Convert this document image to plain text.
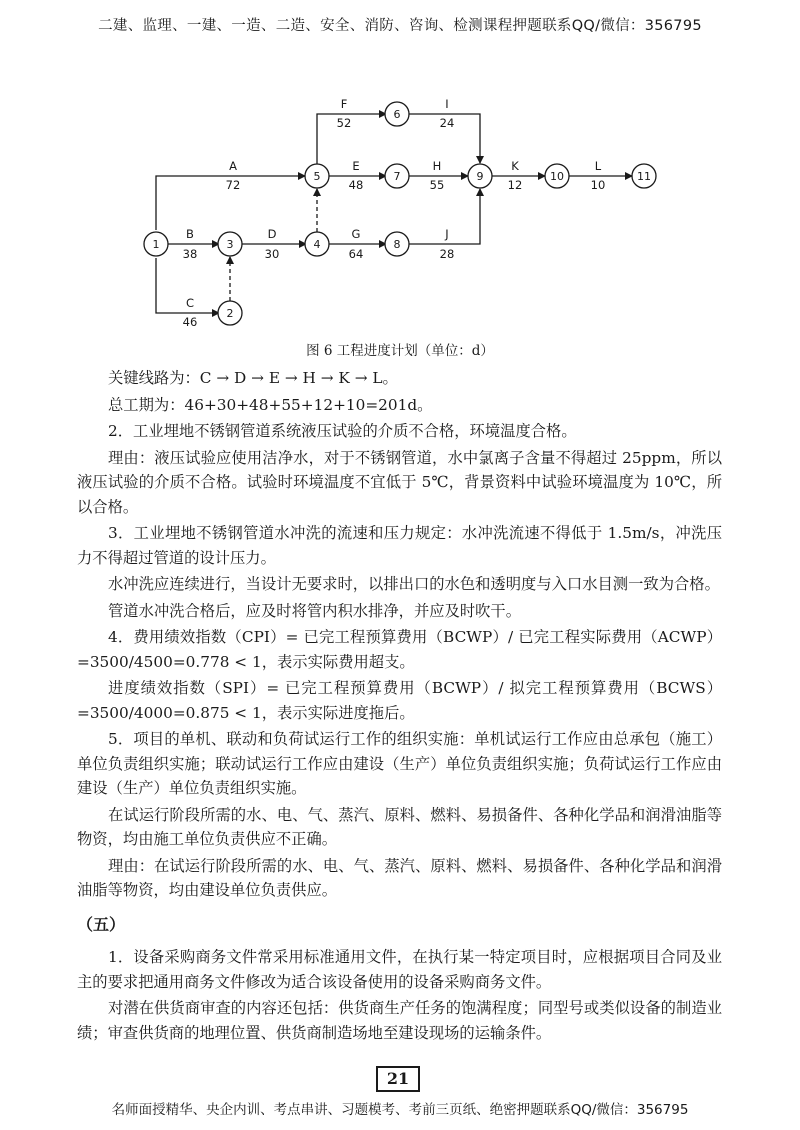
二建、监理、一建、一造、二造、安全、消防、咨询、检测课程押题联系QQ/微信：356795
1
2
3	4
5
6
7
8
9	10	11
A
72
B
38
C
46
D
30
E
48
F
52
G
64
H
55
I
24
J
28
K
12
L
10
图 6 工程进度计划（单位：d）

关键线路为：C → D → E → H → K → L。

总工期为：46+30+48+55+12+10=201d。

2．工业埋地不锈钢管道系统液压试验的介质不合格，环境温度合格。

理由：液压试验应使用洁净水，对于不锈钢管道，水中氯离子含量不得超过 25ppm，所以液压试验的介质不合格。试验时环境温度不宜低于 5℃，背景资料中试验环境温度为 10℃，所以合格。

3．工业埋地不锈钢管道水冲洗的流速和压力规定：水冲洗流速不得低于 1.5m/s，冲洗压力不得超过管道的设计压力。

水冲洗应连续进行，当设计无要求时，以排出口的水色和透明度与入口水目测一致为合格。

管道水冲洗合格后，应及时将管内积水排净，并应及时吹干。

4．费用绩效指数（CPI）= 已完工程预算费用（BCWP）/ 已完工程实际费用（ACWP）=3500/4500=0.778 < 1，表示实际费用超支。

进度绩效指数（SPI）= 已完工程预算费用（BCWP）/ 拟完工程预算费用（BCWS）=3500/4000=0.875 < 1，表示实际进度拖后。

5．项目的单机、联动和负荷试运行工作的组织实施：单机试运行工作应由总承包（施工）单位负责组织实施；联动试运行工作应由建设（生产）单位负责组织实施；负荷试运行工作应由建设（生产）单位负责组织实施。

在试运行阶段所需的水、电、气、蒸汽、原料、燃料、易损备件、各种化学品和润滑油脂等物资，均由施工单位负责供应不正确。

理由：在试运行阶段所需的水、电、气、蒸汽、原料、燃料、易损备件、各种化学品和润滑油脂等物资，均由建设单位负责供应。

（五）

1．设备采购商务文件常采用标准通用文件，在执行某一特定项目时，应根据项目合同及业主的要求把通用商务文件修改为适合该设备使用的设备采购商务文件。

对潜在供货商审查的内容还包括：供货商生产任务的饱满程度；同型号或类似设备的制造业绩；审查供货商的地理位置、供货商制造场地至建设现场的运输条件。

21
名师面授精华、央企内训、考点串讲、习题模考、考前三页纸、绝密押题联系QQ/微信：356795
